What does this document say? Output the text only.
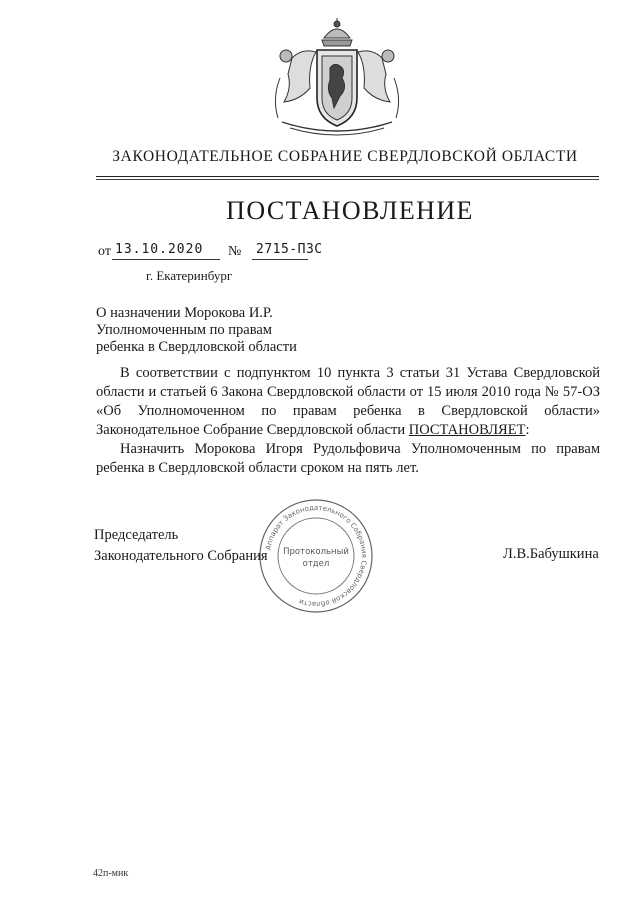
ЗАКОНОДАТЕЛЬНОЕ СОБРАНИЕ СВЕРДЛОВСКОЙ ОБЛАСТИ
ПОСТАНОВЛЕНИЕ
от 13.10.2020 № 2715-ПЗС
г. Екатеринбург
О назначении Морокова И.Р.
Уполномоченным по правам
ребенка в Свердловской области

В соответствии с подпунктом 10 пункта 3 статьи 31 Устава Свердловской области и статьей 6 Закона Свердловской области от 15 июля 2010 года № 57-ОЗ «Об Уполномоченном по правам ребенка в Свердловской области» Законодательное Собрание Свердловской области ПОСТАНОВЛЯЕТ:

Назначить Морокова Игоря Рудольфовича Уполномоченным по правам ребенка в Свердловской области сроком на пять лет.

Аппарат Законодательного Собрания Свердловской области
Протокольный
отдел
Председатель
Законодательного Собрания	Л.В.Бабушкина
42п-мнк
